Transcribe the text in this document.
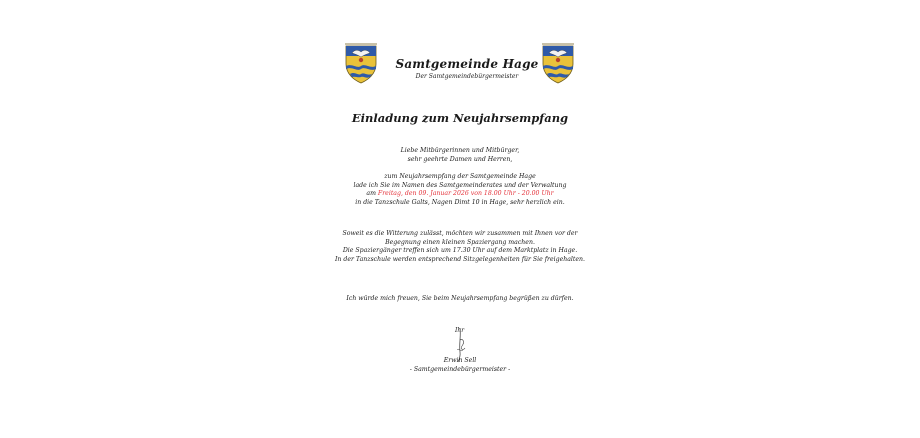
Samtgemeinde Hage
Der Samtgemeindebürgermeister
Einladung zum Neujahrsempfang
Liebe Mitbürgerinnen und Mitbürger,
sehr geehrte Damen und Herren,
zum Neujahrsempfang der Samtgemeinde Hage
lade ich Sie im Namen des Samtgemeinderates und der Verwaltung
am Freitag, den 09. Januar 2026 von 18.00 Uhr - 20.00 Uhr
in die Tanzschule Galts, Nagen Dimt 10 in Hage, sehr herzlich ein.
Soweit es die Witterung zulässt, möchten wir zusammen mit Ihnen vor der
Begegnung einen kleinen Spaziergang machen.
Die Spaziergänger treffen sich um 17.30 Uhr auf dem Marktplatz in Hage.
In der Tanzschule werden entsprechend Sitzgelegenheiten für Sie freigehalten.
Ich würde mich freuen, Sie beim Neujahrsempfang begrüßen zu dürfen.
Ihr
Erwin Sell
- Samtgemeindebürgermeister -
